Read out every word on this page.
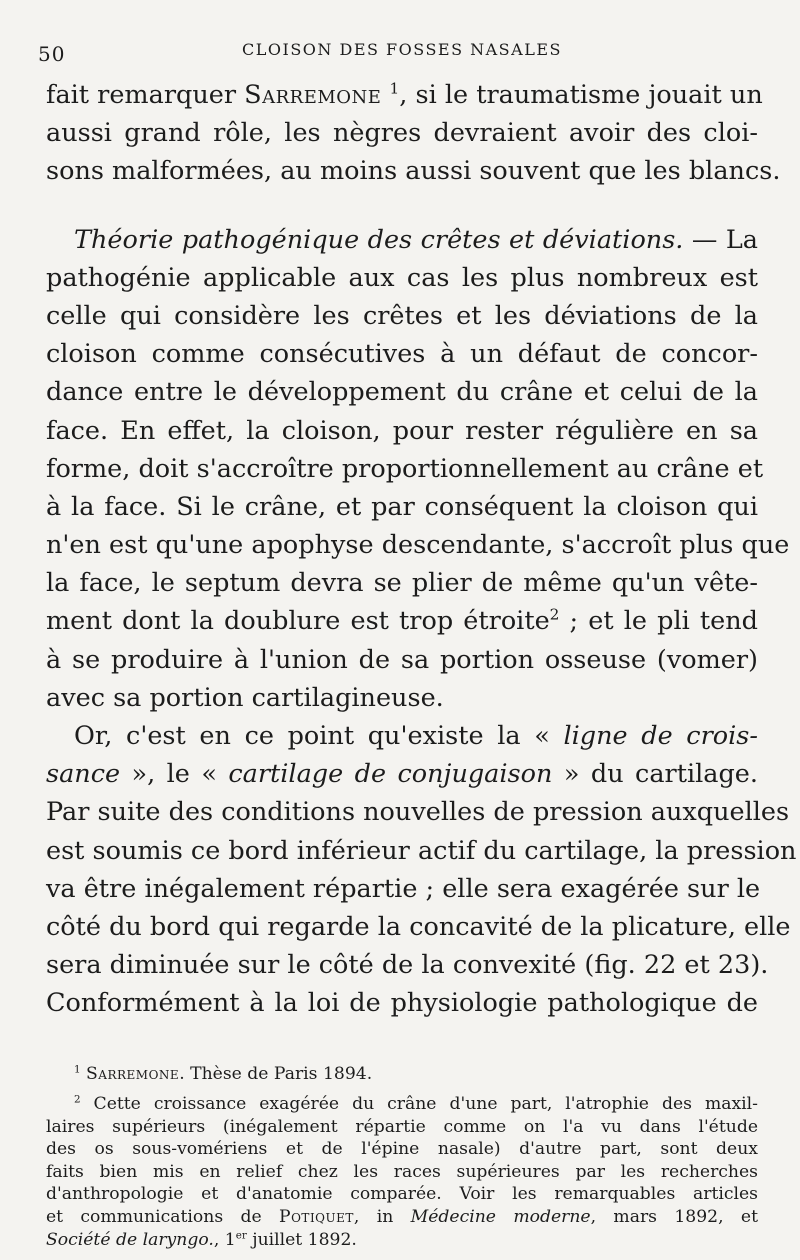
50	CLOISON DES FOSSES NASALES
fait remarquer Sarremone $^1$, si le traumatisme jouait un
aussi grand rôle, les nègres devraient avoir des cloi-
sons malformées, au moins aussi souvent que les blancs.
Théorie pathogénique des crêtes et déviations. — La
pathogénie applicable aux cas les plus nombreux est
celle qui considère les crêtes et les déviations de la
cloison comme consécutives à un défaut de concor-
dance entre le développement du crâne et celui de la
face. En effet, la cloison, pour rester régulière en sa
forme, doit s'accroître proportionnellement au crâne et
à la face. Si le crâne, et par conséquent la cloison qui
n'en est qu'une apophyse descendante, s'accroît plus que
la face, le septum devra se plier de même qu'un vête-
ment dont la doublure est trop étroite$^2$ ; et le pli tend
à se produire à l'union de sa portion osseuse (vomer)
avec sa portion cartilagineuse.
Or, c'est en ce point qu'existe la « ligne de crois-
sance », le « cartilage de conjugaison » du cartilage.
Par suite des conditions nouvelles de pression auxquelles
est soumis ce bord inférieur actif du cartilage, la pression
va être inégalement répartie ; elle sera exagérée sur le
côté du bord qui regarde la concavité de la plicature, elle
sera diminuée sur le côté de la convexité (fig. 22 et 23).
Conformément à la loi de physiologie pathologique de
$^1$ Sarremone. Thèse de Paris 1894.
$^2$ Cette croissance exagérée du crâne d'une part, l'atrophie des maxil-
laires supérieurs (inégalement répartie comme on l'a vu dans l'étude
des os sous-vomériens et de l'épine nasale) d'autre part, sont deux
faits bien mis en relief chez les races supérieures par les recherches
d'anthropologie et d'anatomie comparée. Voir les remarquables articles
et communications de Potiquet, in Médecine moderne, mars 1892, et
Société de laryngo., 1er juillet 1892.
